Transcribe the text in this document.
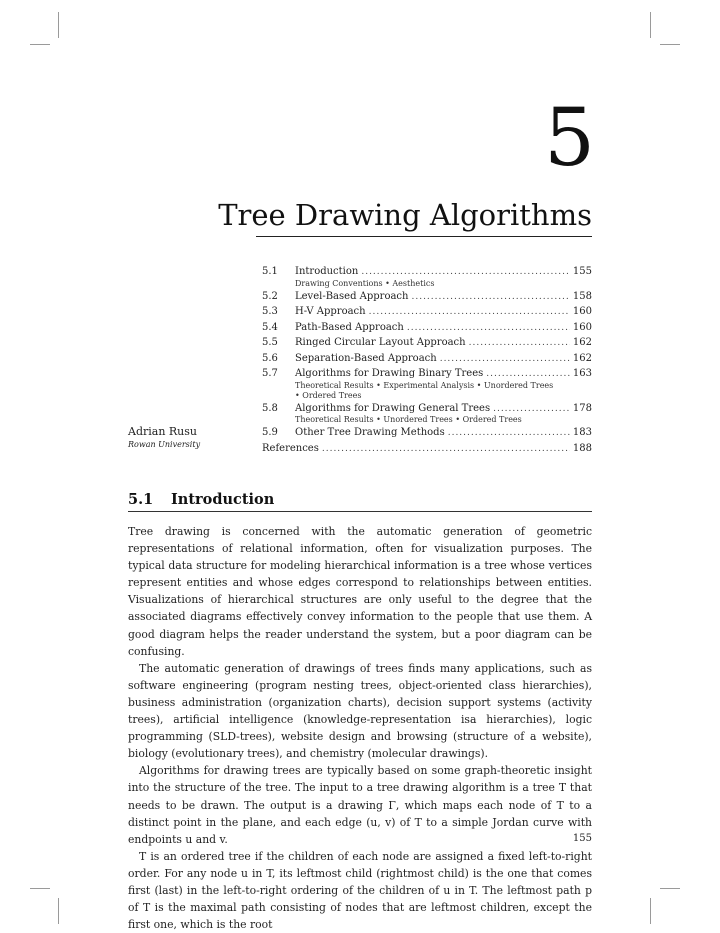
5
Tree Drawing Algorithms
5.1	Introduction .....	155
Drawing Conventions • Aesthetics
5.2	Level-Based Approach .....	158
5.3	H-V Approach .....	160
5.4	Path-Based Approach .....	160
5.5	Ringed Circular Layout Approach .....	162
5.6	Separation-Based Approach .....	162
5.7	Algorithms for Drawing Binary Trees .....	163
Theoretical Results • Experimental Analysis • Unordered Trees • Ordered Trees
5.8	Algorithms for Drawing General Trees .....	178
Theoretical Results • Unordered Trees • Ordered Trees
5.9	Other Tree Drawing Methods .....	183
References .....	188
Adrian Rusu
Rowan University
5.1 Introduction

Tree drawing is concerned with the automatic generation of geometric representations of relational information, often for visualization purposes. The typical data structure for modeling hierarchical information is a tree whose vertices represent entities and whose edges correspond to relationships between entities. Visualizations of hierarchical structures are only useful to the degree that the associated diagrams effectively convey information to the people that use them. A good diagram helps the reader understand the system, but a poor diagram can be confusing.

The automatic generation of drawings of trees finds many applications, such as software engineering (program nesting trees, object-oriented class hierarchies), business administration (organization charts), decision support systems (activity trees), artificial intelligence (knowledge-representation isa hierarchies), logic programming (SLD-trees), website design and browsing (structure of a website), biology (evolutionary trees), and chemistry (molecular drawings).

Algorithms for drawing trees are typically based on some graph-theoretic insight into the structure of the tree. The input to a tree drawing algorithm is a tree T that needs to be drawn. The output is a drawing Γ, which maps each node of T to a distinct point in the plane, and each edge (u, v) of T to a simple Jordan curve with endpoints u and v.

T is an ordered tree if the children of each node are assigned a fixed left-to-right order. For any node u in T, its leftmost child (rightmost child) is the one that comes first (last) in the left-to-right ordering of the children of u in T. The leftmost path p of T is the maximal path consisting of nodes that are leftmost children, except the first one, which is the root

155
